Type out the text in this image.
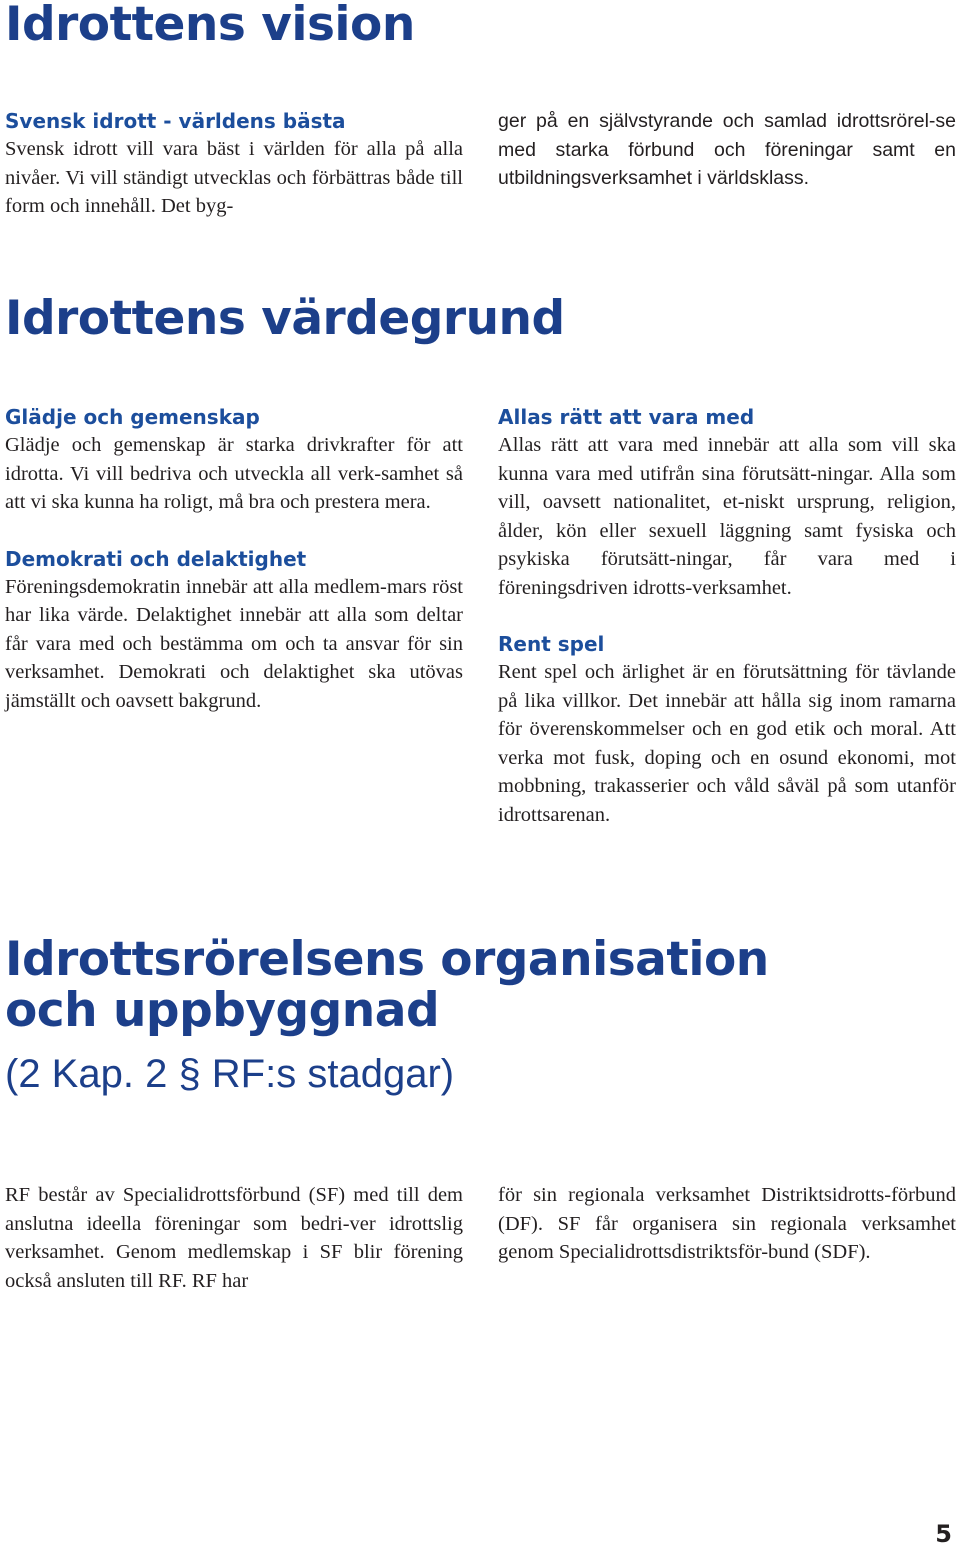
Idrottens vision
Svensk idrott - världens bästa

Svensk idrott vill vara bäst i världen för alla på alla nivåer. Vi vill ständigt utvecklas och förbättras både till form och innehåll. Det byg-

ger på en självstyrande och samlad idrottsrörel-se med starka förbund och föreningar samt en utbildningsverksamhet i världsklass.

Idrottens värdegrund
Glädje och gemenskap

Glädje och gemenskap är starka drivkrafter för att idrotta. Vi vill bedriva och utveckla all verk-samhet så att vi ska kunna ha roligt, må bra och prestera mera.

Demokrati och delaktighet

Föreningsdemokratin innebär att alla medlem-mars röst har lika värde. Delaktighet innebär att alla som deltar får vara med och bestämma om och ta ansvar för sin verksamhet. Demokrati och delaktighet ska utövas jämställt och oavsett bakgrund.

Allas rätt att vara med

Allas rätt att vara med innebär att alla som vill ska kunna vara med utifrån sina förutsätt-ningar. Alla som vill, oavsett nationalitet, et-niskt ursprung, religion, ålder, kön eller sexuell läggning samt fysiska och psykiska förutsätt-ningar, får vara med i föreningsdriven idrotts-verksamhet.

Rent spel

Rent spel och ärlighet är en förutsättning för tävlande på lika villkor. Det innebär att hålla sig inom ramarna för överenskommelser och en god etik och moral. Att verka mot fusk, doping och en osund ekonomi, mot mobbning, trakasserier och våld såväl på som utanför idrottsarenan.

Idrottsrörelsens organisation
och uppbyggnad
(2 Kap. 2 § RF:s stadgar)

RF består av Specialidrottsförbund (SF) med till dem anslutna ideella föreningar som bedri-ver idrottslig verksamhet. Genom medlemskap i SF blir förening också ansluten till RF. RF har

för sin regionala verksamhet Distriktsidrotts-förbund (DF). SF får organisera sin regionala verksamhet genom Specialidrottsdistriktsför-bund (SDF).

5
